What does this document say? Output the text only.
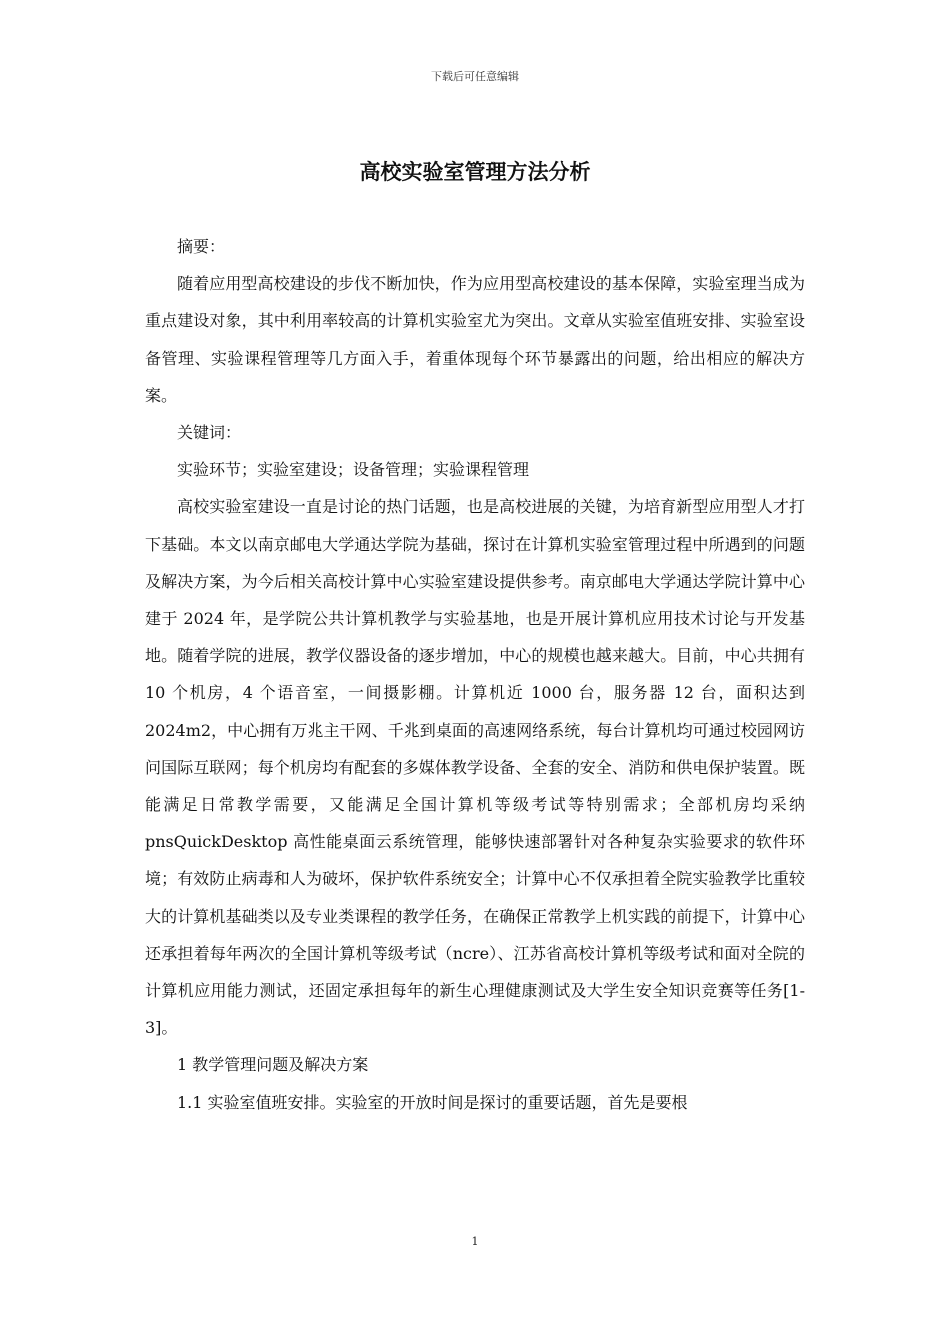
下载后可任意编辑
高校实验室管理方法分析

摘要：

随着应用型高校建设的步伐不断加快，作为应用型高校建设的基本保障，实验室理当成为重点建设对象，其中利用率较高的计算机实验室尤为突出。文章从实验室值班安排、实验室设备管理、实验课程管理等几方面入手，着重体现每个环节暴露出的问题，给出相应的解决方案。

关键词：

实验环节；实验室建设；设备管理；实验课程管理

高校实验室建设一直是讨论的热门话题，也是高校进展的关键，为培育新型应用型人才打下基础。本文以南京邮电大学通达学院为基础，探讨在计算机实验室管理过程中所遇到的问题及解决方案，为今后相关高校计算中心实验室建设提供参考。南京邮电大学通达学院计算中心建于 2024 年，是学院公共计算机教学与实验基地，也是开展计算机应用技术讨论与开发基地。随着学院的进展，教学仪器设备的逐步增加，中心的规模也越来越大。目前，中心共拥有 10 个机房，4 个语音室，一间摄影棚。计算机近 1000 台，服务器 12 台，面积达到 2024m2，中心拥有万兆主干网、千兆到桌面的高速网络系统，每台计算机均可通过校园网访问国际互联网；每个机房均有配套的多媒体教学设备、全套的安全、消防和供电保护装置。既能满足日常教学需要，又能满足全国计算机等级考试等特别需求；全部机房均采纳 pnsQuickDesktop 高性能桌面云系统管理，能够快速部署针对各种复杂实验要求的软件环境；有效防止病毒和人为破坏，保护软件系统安全；计算中心不仅承担着全院实验教学比重较大的计算机基础类以及专业类课程的教学任务，在确保正常教学上机实践的前提下，计算中心还承担着每年两次的全国计算机等级考试（ncre）、江苏省高校计算机等级考试和面对全院的计算机应用能力测试，还固定承担每年的新生心理健康测试及大学生安全知识竞赛等任务[1-3]。

1 教学管理问题及解决方案

1.1 实验室值班安排。实验室的开放时间是探讨的重要话题，首先是要根

1
